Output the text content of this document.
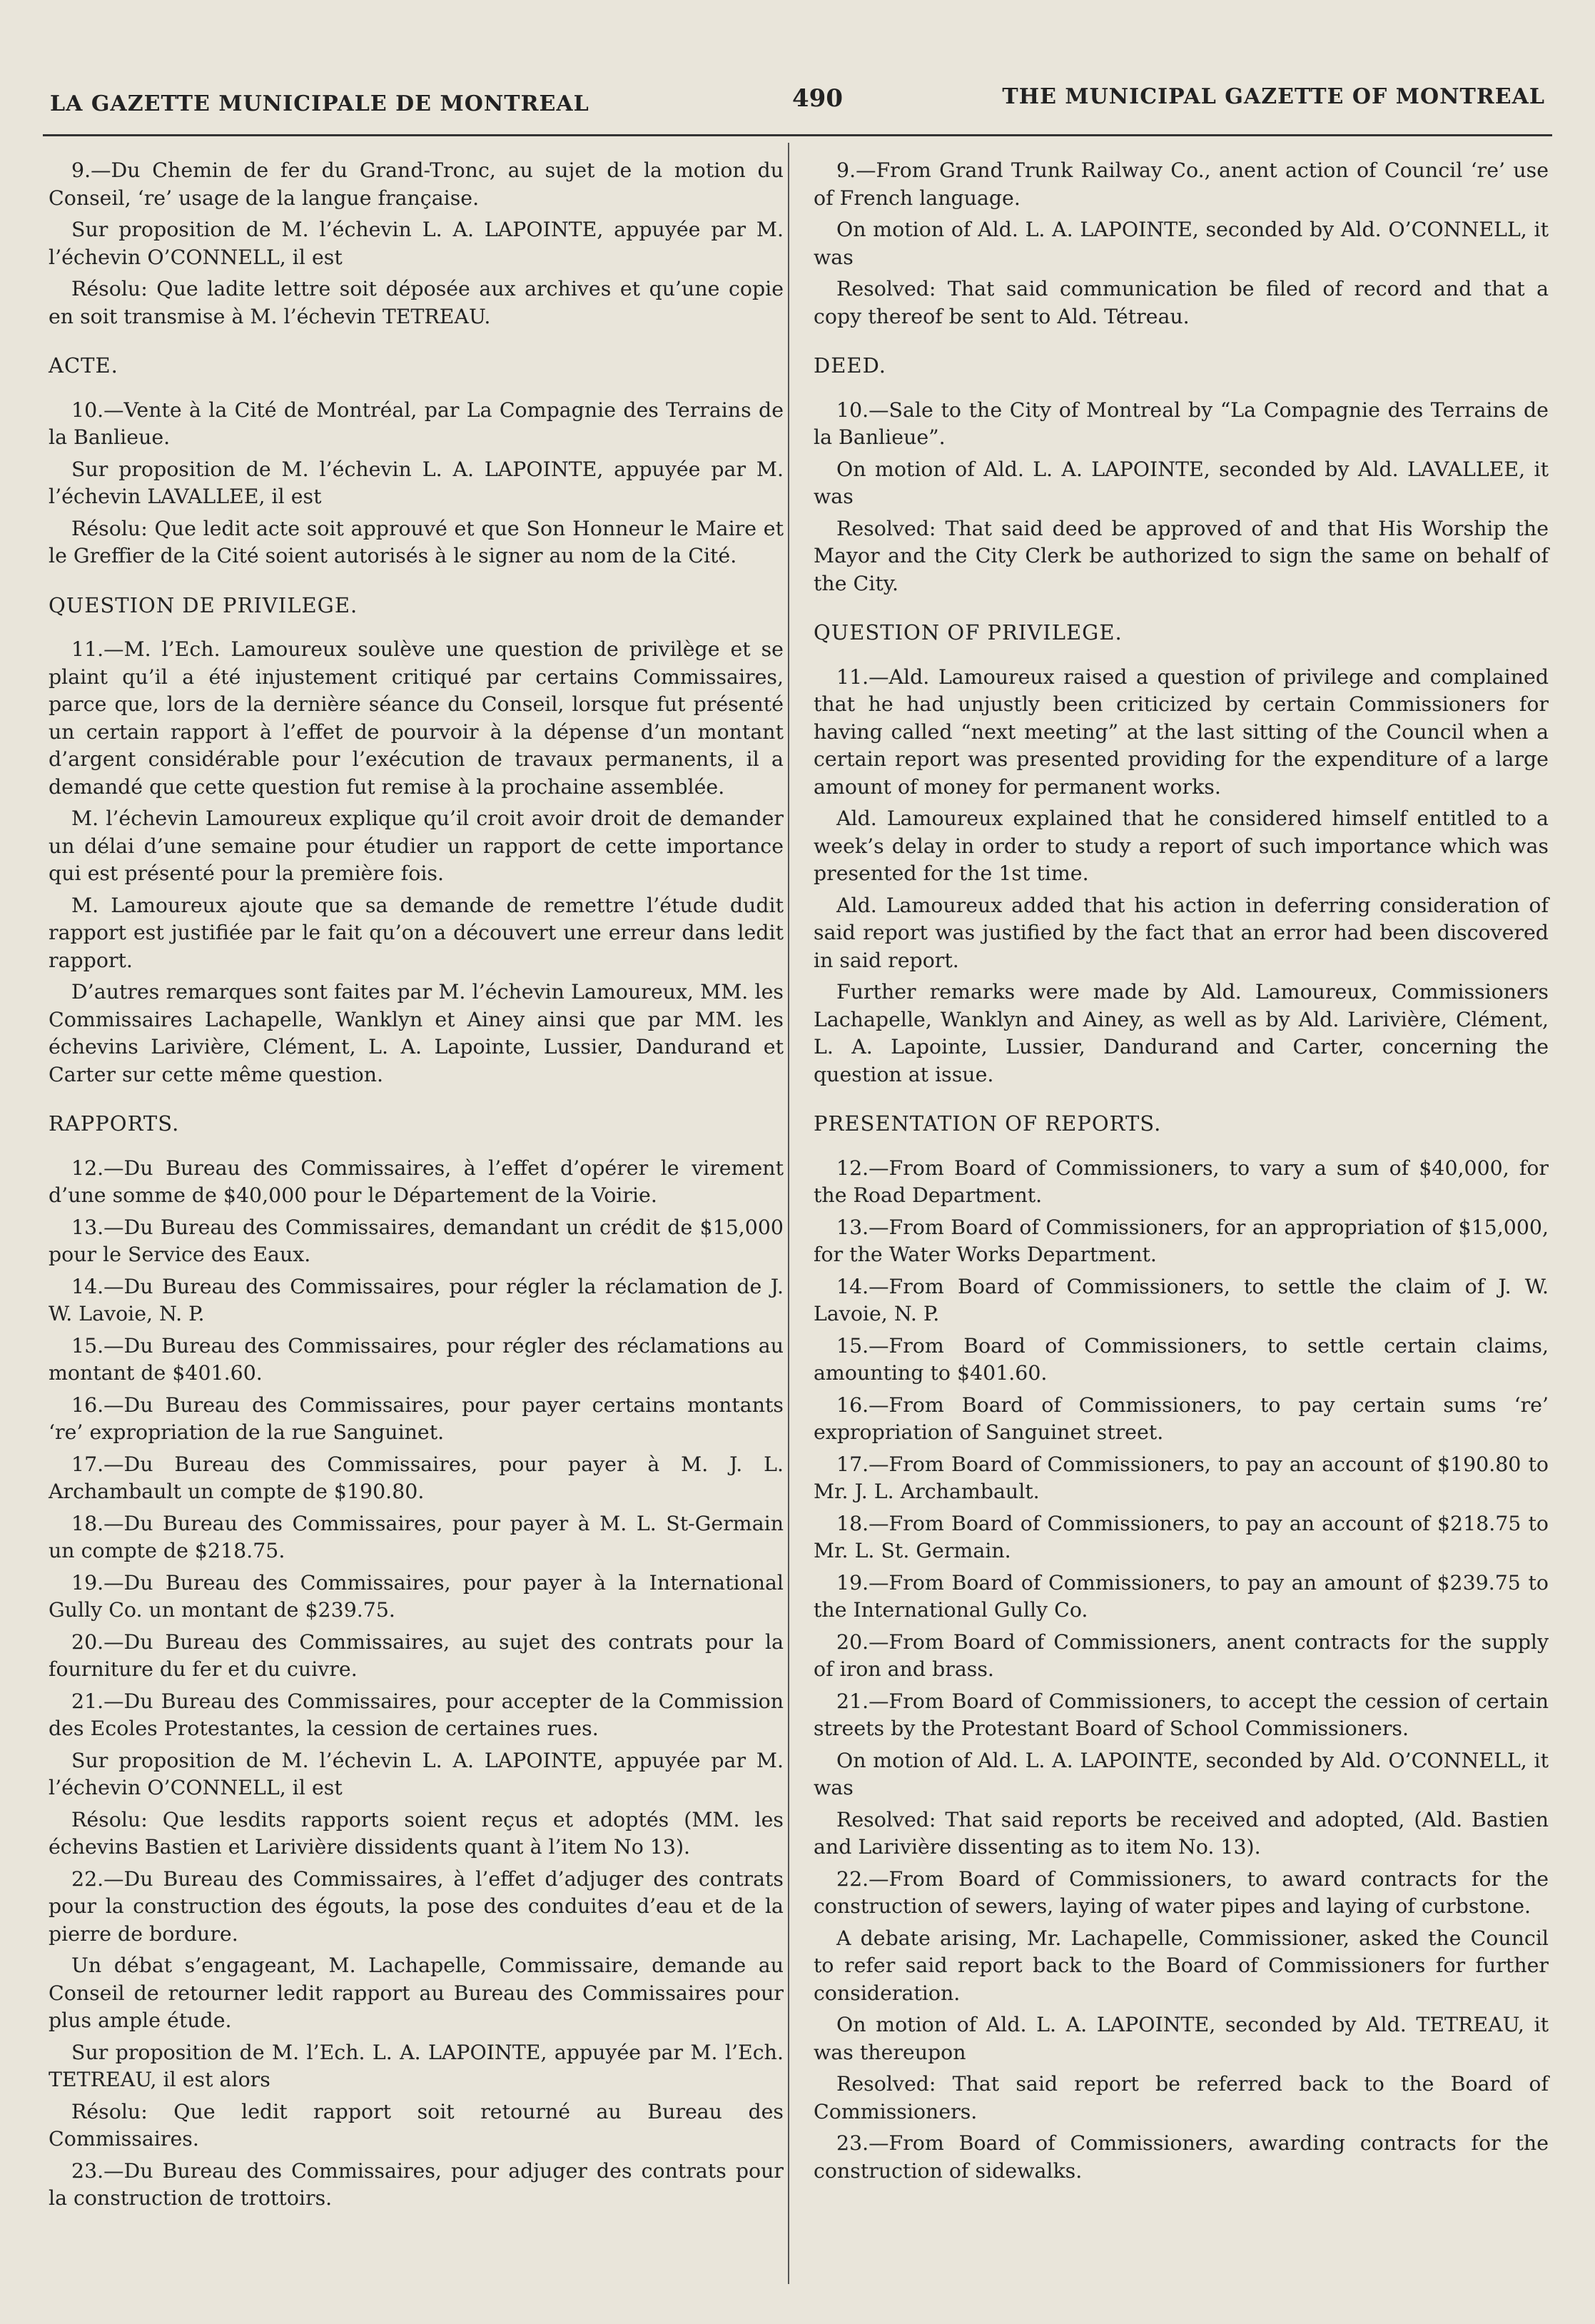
LA GAZETTE MUNICIPALE DE MONTREAL	490	THE MUNICIPAL GAZETTE OF MONTREAL

9.—Du Chemin de fer du Grand-Tronc, au sujet de la motion du Conseil, ‘re’ usage de la langue française.

Sur proposition de M. l’échevin L. A. LAPOINTE, appuyée par M. l’échevin O’CONNELL, il est

Résolu: Que ladite lettre soit déposée aux archives et qu’une copie en soit transmise à M. l’échevin TETREAU.

ACTE.

10.—Vente à la Cité de Montréal, par La Compagnie des Terrains de la Banlieue.

Sur proposition de M. l’échevin L. A. LAPOINTE, appuyée par M. l’échevin LAVALLEE, il est

Résolu: Que ledit acte soit approuvé et que Son Honneur le Maire et le Greffier de la Cité soient autorisés à le signer au nom de la Cité.

QUESTION DE PRIVILEGE.

11.—M. l’Ech. Lamoureux soulève une question de privilège et se plaint qu’il a été injustement critiqué par certains Commissaires, parce que, lors de la dernière séance du Conseil, lorsque fut présenté un certain rapport à l’effet de pourvoir à la dépense d’un montant d’argent considérable pour l’exécution de travaux permanents, il a demandé que cette question fut remise à la prochaine assemblée.

M. l’échevin Lamoureux explique qu’il croit avoir droit de demander un délai d’une semaine pour étudier un rapport de cette importance qui est présenté pour la première fois.

M. Lamoureux ajoute que sa demande de remettre l’étude dudit rapport est justifiée par le fait qu’on a découvert une erreur dans ledit rapport.

D’autres remarques sont faites par M. l’échevin Lamoureux, MM. les Commissaires Lachapelle, Wanklyn et Ainey ainsi que par MM. les échevins Larivière, Clément, L. A. Lapointe, Lussier, Dandurand et Carter sur cette même question.

RAPPORTS.

12.—Du Bureau des Commissaires, à l’effet d’opérer le virement d’une somme de $40,000 pour le Département de la Voirie.

13.—Du Bureau des Commissaires, demandant un crédit de $15,000 pour le Service des Eaux.

14.—Du Bureau des Commissaires, pour régler la réclamation de J. W. Lavoie, N. P.

15.—Du Bureau des Commissaires, pour régler des réclamations au montant de $401.60.

16.—Du Bureau des Commissaires, pour payer certains montants ‘re’ expropriation de la rue Sanguinet.

17.—Du Bureau des Commissaires, pour payer à M. J. L. Archambault un compte de $190.80.

18.—Du Bureau des Commissaires, pour payer à M. L. St-Germain un compte de $218.75.

19.—Du Bureau des Commissaires, pour payer à la International Gully Co. un montant de $239.75.

20.—Du Bureau des Commissaires, au sujet des contrats pour la fourniture du fer et du cuivre.

21.—Du Bureau des Commissaires, pour accepter de la Commission des Ecoles Protestantes, la cession de certaines rues.

Sur proposition de M. l’échevin L. A. LAPOINTE, appuyée par M. l’échevin O’CONNELL, il est

Résolu: Que lesdits rapports soient reçus et adoptés (MM. les échevins Bastien et Larivière dissidents quant à l’item No 13).

22.—Du Bureau des Commissaires, à l’effet d’adjuger des contrats pour la construction des égouts, la pose des conduites d’eau et de la pierre de bordure.

Un débat s’engageant, M. Lachapelle, Commissaire, demande au Conseil de retourner ledit rapport au Bureau des Commissaires pour plus ample étude.

Sur proposition de M. l’Ech. L. A. LAPOINTE, appuyée par M. l’Ech. TETREAU, il est alors

Résolu: Que ledit rapport soit retourné au Bureau des Commissaires.

23.—Du Bureau des Commissaires, pour adjuger des contrats pour la construction de trottoirs.

9.—From Grand Trunk Railway Co., anent action of Council ‘re’ use of French language.

On motion of Ald. L. A. LAPOINTE, seconded by Ald. O’CONNELL, it was

Resolved: That said communication be filed of record and that a copy thereof be sent to Ald. Tétreau.

DEED.

10.—Sale to the City of Montreal by “La Compagnie des Terrains de la Banlieue”.

On motion of Ald. L. A. LAPOINTE, seconded by Ald. LAVALLEE, it was

Resolved: That said deed be approved of and that His Worship the Mayor and the City Clerk be authorized to sign the same on behalf of the City.

QUESTION OF PRIVILEGE.

11.—Ald. Lamoureux raised a question of privilege and complained that he had unjustly been criticized by certain Commissioners for having called “next meeting” at the last sitting of the Council when a certain report was presented providing for the expenditure of a large amount of money for permanent works.

Ald. Lamoureux explained that he considered himself entitled to a week’s delay in order to study a report of such importance which was presented for the 1st time.

Ald. Lamoureux added that his action in deferring consideration of said report was justified by the fact that an error had been discovered in said report.

Further remarks were made by Ald. Lamoureux, Commissioners Lachapelle, Wanklyn and Ainey, as well as by Ald. Larivière, Clément, L. A. Lapointe, Lussier, Dandurand and Carter, concerning the question at issue.

PRESENTATION OF REPORTS.

12.—From Board of Commissioners, to vary a sum of $40,000, for the Road Department.

13.—From Board of Commissioners, for an appropriation of $15,000, for the Water Works Department.

14.—From Board of Commissioners, to settle the claim of J. W. Lavoie, N. P.

15.—From Board of Commissioners, to settle certain claims, amounting to $401.60.

16.—From Board of Commissioners, to pay certain sums ‘re’ expropriation of Sanguinet street.

17.—From Board of Commissioners, to pay an account of $190.80 to Mr. J. L. Archambault.

18.—From Board of Commissioners, to pay an account of $218.75 to Mr. L. St. Germain.

19.—From Board of Commissioners, to pay an amount of $239.75 to the International Gully Co.

20.—From Board of Commissioners, anent contracts for the supply of iron and brass.

21.—From Board of Commissioners, to accept the cession of certain streets by the Protestant Board of School Commissioners.

On motion of Ald. L. A. LAPOINTE, seconded by Ald. O’CONNELL, it was

Resolved: That said reports be received and adopted, (Ald. Bastien and Larivière dissenting as to item No. 13).

22.—From Board of Commissioners, to award contracts for the construction of sewers, laying of water pipes and laying of curbstone.

A debate arising, Mr. Lachapelle, Commissioner, asked the Council to refer said report back to the Board of Commissioners for further consideration.

On motion of Ald. L. A. LAPOINTE, seconded by Ald. TETREAU, it was thereupon

Resolved: That said report be referred back to the Board of Commissioners.

23.—From Board of Commissioners, awarding contracts for the construction of sidewalks.
